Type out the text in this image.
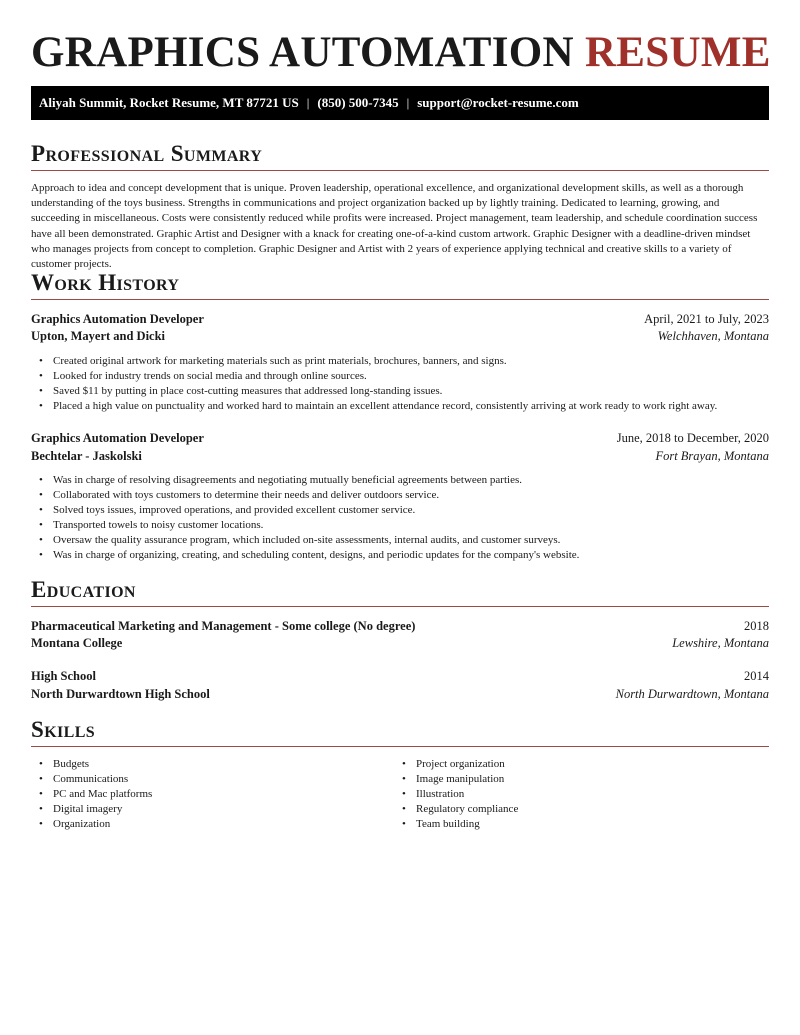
GRAPHICS AUTOMATION RESUME
Aliyah Summit, Rocket Resume, MT 87721 US | (850) 500-7345 | support@rocket-resume.com
Professional Summary

Approach to idea and concept development that is unique. Proven leadership, operational excellence, and organizational development skills, as well as a thorough understanding of the toys business. Strengths in communications and project organization backed up by lightly training. Dedicated to learning, growing, and succeeding in miscellaneous. Costs were consistently reduced while profits were increased. Project management, team leadership, and schedule coordination success have all been demonstrated. Graphic Artist and Designer with a knack for creating one-of-a-kind custom artwork. Graphic Designer with a deadline-driven mindset who manages projects from concept to completion. Graphic Designer and Artist with 2 years of experience applying technical and creative skills to a variety of customer projects.

Work History
Graphics Automation Developer	April, 2021 to July, 2023
Upton, Mayert and Dicki	Welchhaven, Montana
• Created original artwork for marketing materials such as print materials, brochures, banners, and signs.
• Looked for industry trends on social media and through online sources.
• Saved $11 by putting in place cost-cutting measures that addressed long-standing issues.
• Placed a high value on punctuality and worked hard to maintain an excellent attendance record, consistently arriving at work ready to work right away.
Graphics Automation Developer	June, 2018 to December, 2020
Bechtelar - Jaskolski	Fort Brayan, Montana
• Was in charge of resolving disagreements and negotiating mutually beneficial agreements between parties.
• Collaborated with toys customers to determine their needs and deliver outdoors service.
• Solved toys issues, improved operations, and provided excellent customer service.
• Transported towels to noisy customer locations.
• Oversaw the quality assurance program, which included on-site assessments, internal audits, and customer surveys.
• Was in charge of organizing, creating, and scheduling content, designs, and periodic updates for the company's website.
Education
Pharmaceutical Marketing and Management - Some college (No degree)	2018
Montana College	Lewshire, Montana
High School	2014
North Durwardtown High School	North Durwardtown, Montana
Skills
• Budgets
• Communications
• PC and Mac platforms
• Digital imagery
• Organization
• Project organization
• Image manipulation
• Illustration
• Regulatory compliance
• Team building
